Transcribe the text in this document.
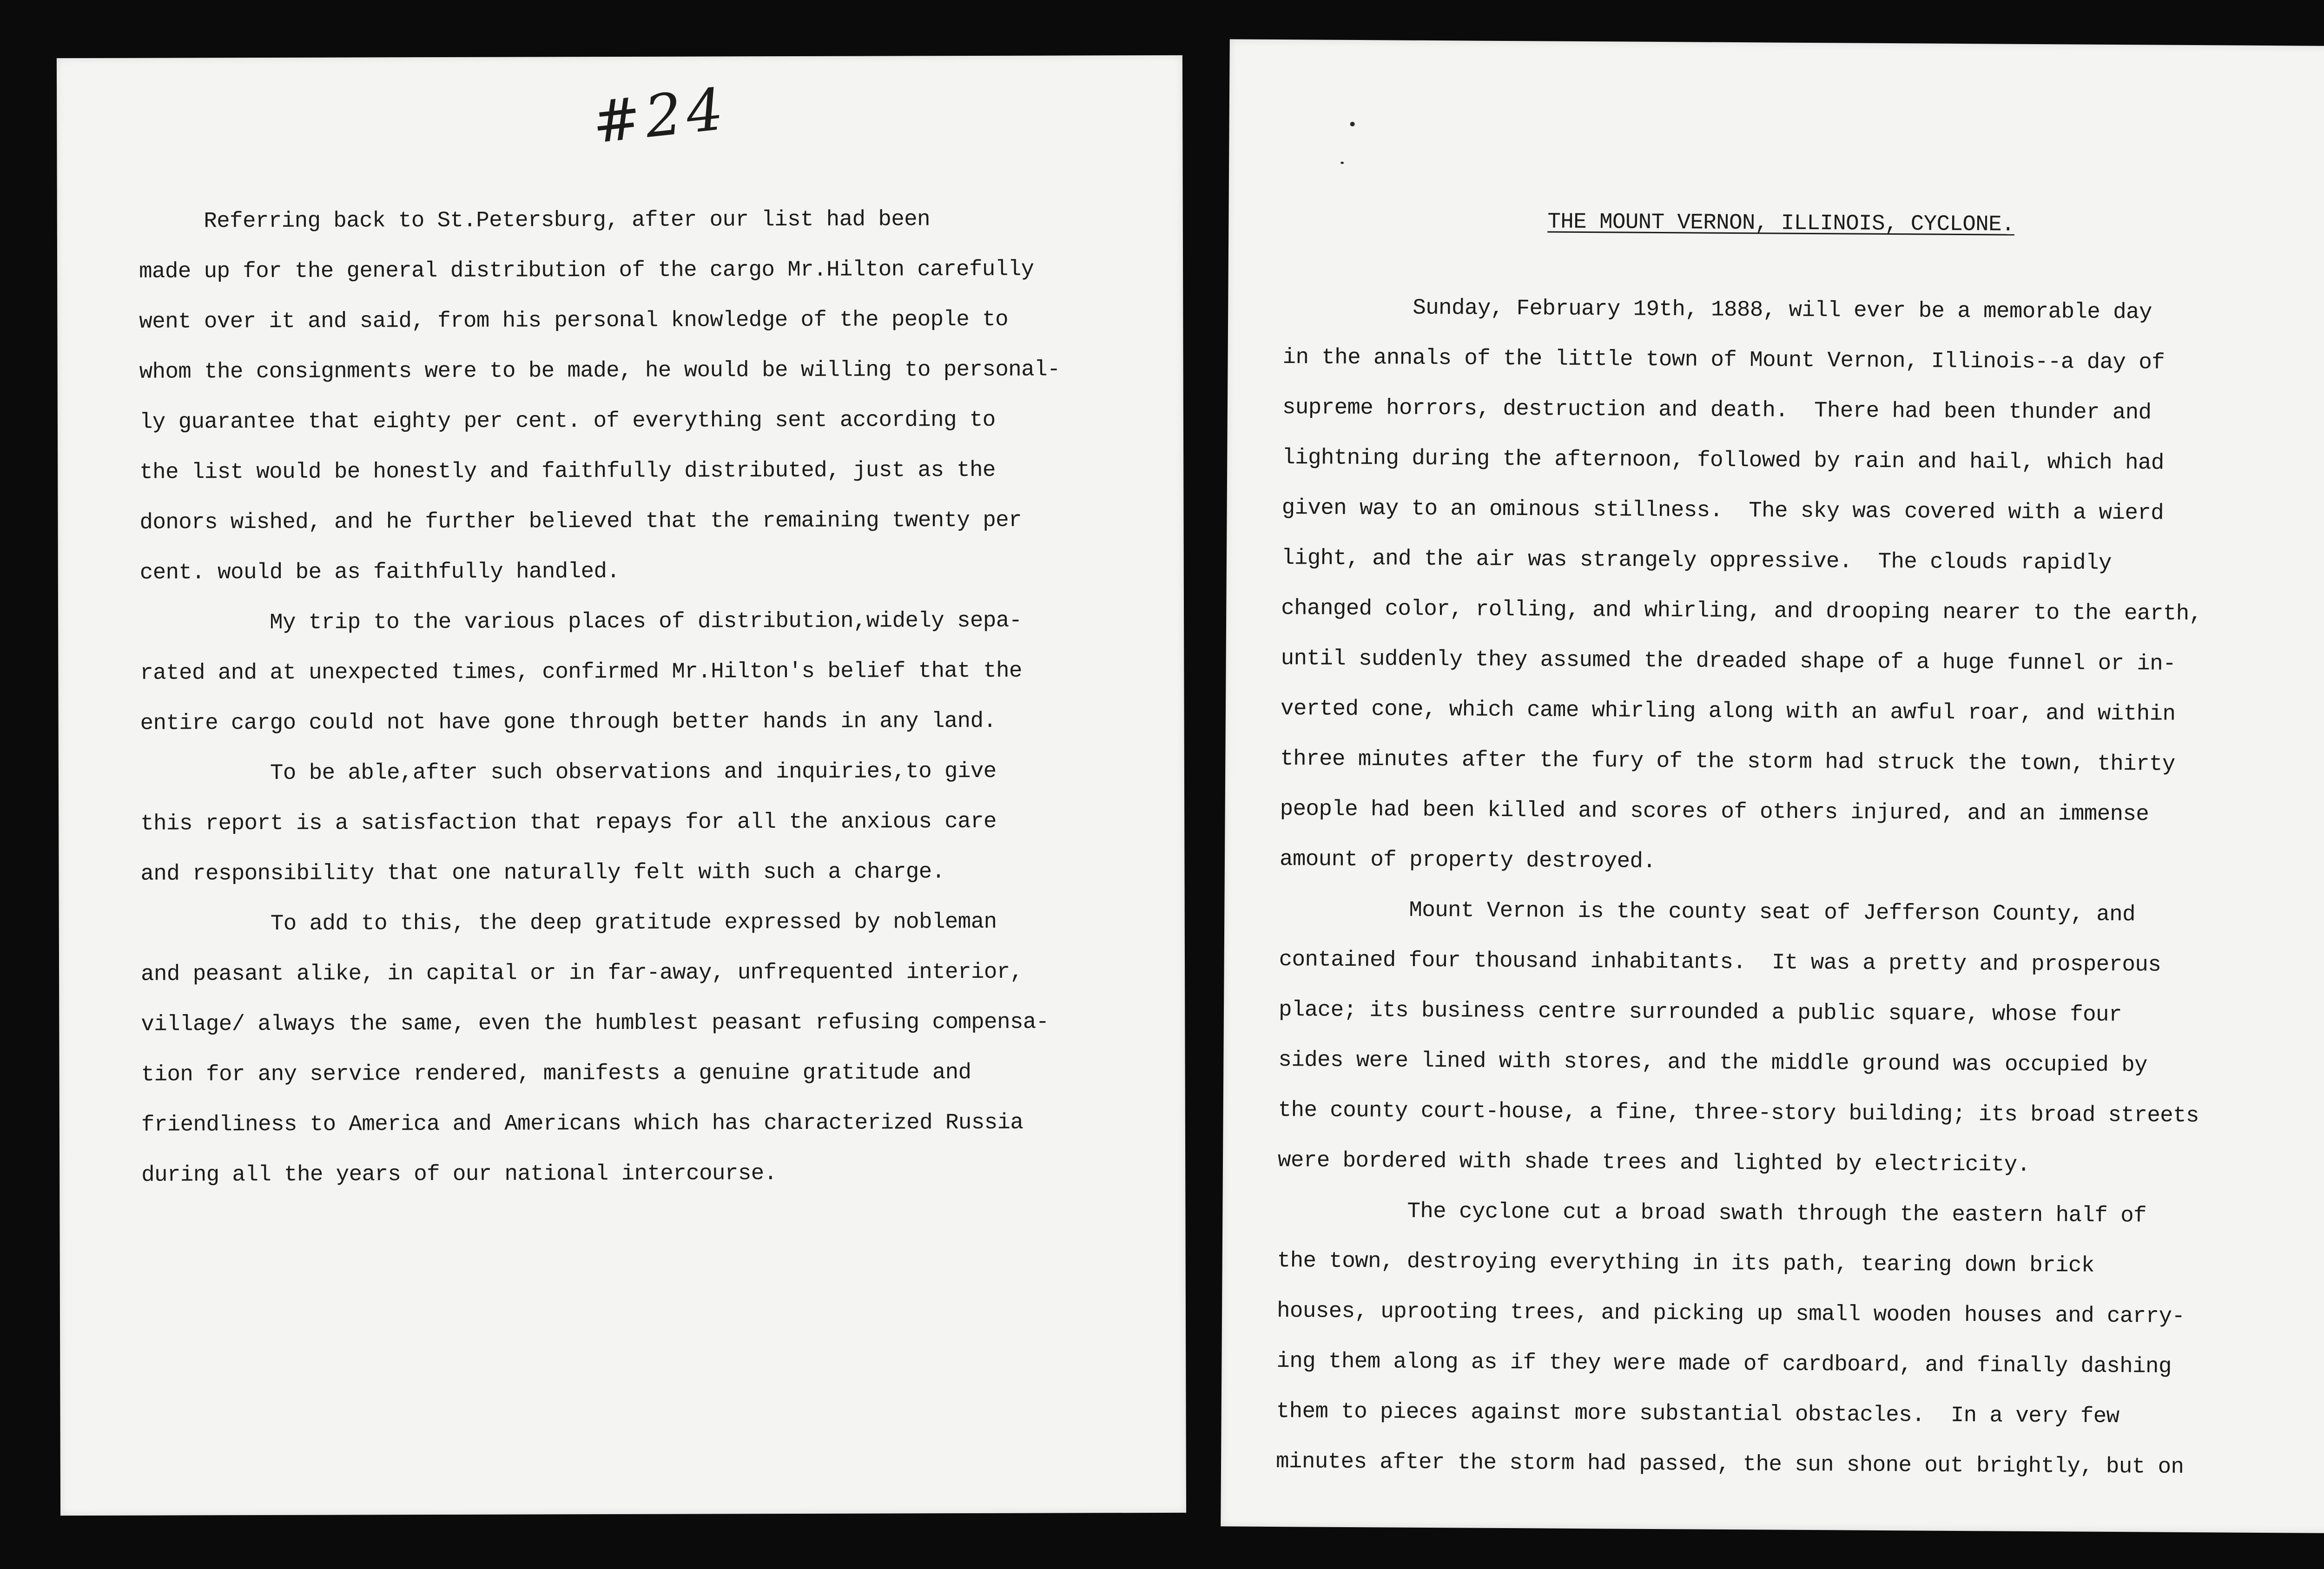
#24
Referring back to St.Petersburg, after our list had been
made up for the general distribution of the cargo Mr.Hilton carefully
went over it and said, from his personal knowledge of the people to
whom the consignments were to be made, he would be willing to personal-
ly guarantee that eighty per cent. of everything sent according to
the list would be honestly and faithfully distributed, just as the
donors wished, and he further believed that the remaining twenty per
cent. would be as faithfully handled.
My trip to the various places of distribution,widely sepa-
rated and at unexpected times, confirmed Mr.Hilton's belief that the
entire cargo could not have gone through better hands in any land.
To be able,after such observations and inquiries,to give
this report is a satisfaction that repays for all the anxious care
and responsibility that one naturally felt with such a charge.
To add to this, the deep gratitude expressed by nobleman
and peasant alike, in capital or in far-away, unfrequented interior,
village/ always the same, even the humblest peasant refusing compensa-
tion for any service rendered, manifests a genuine gratitude and
friendliness to America and Americans which has characterized Russia
during all the years of our national intercourse.
THE MOUNT VERNON, ILLINOIS, CYCLONE.
Sunday, February 19th, 1888, will ever be a memorable day
in the annals of the little town of Mount Vernon, Illinois--a day of
supreme horrors, destruction and death.  There had been thunder and
lightning during the afternoon, followed by rain and hail, which had
given way to an ominous stillness.  The sky was covered with a wierd
light, and the air was strangely oppressive.  The clouds rapidly
changed color, rolling, and whirling, and drooping nearer to the earth,
until suddenly they assumed the dreaded shape of a huge funnel or in-
verted cone, which came whirling along with an awful roar, and within
three minutes after the fury of the storm had struck the town, thirty
people had been killed and scores of others injured, and an immense
amount of property destroyed.
Mount Vernon is the county seat of Jefferson County, and
contained four thousand inhabitants.  It was a pretty and prosperous
place; its business centre surrounded a public square, whose four
sides were lined with stores, and the middle ground was occupied by
the county court-house, a fine, three-story building; its broad streets
were bordered with shade trees and lighted by electricity.
The cyclone cut a broad swath through the eastern half of
the town, destroying everything in its path, tearing down brick
houses, uprooting trees, and picking up small wooden houses and carry-
ing them along as if they were made of cardboard, and finally dashing
them to pieces against more substantial obstacles.  In a very few
minutes after the storm had passed, the sun shone out brightly, but on
